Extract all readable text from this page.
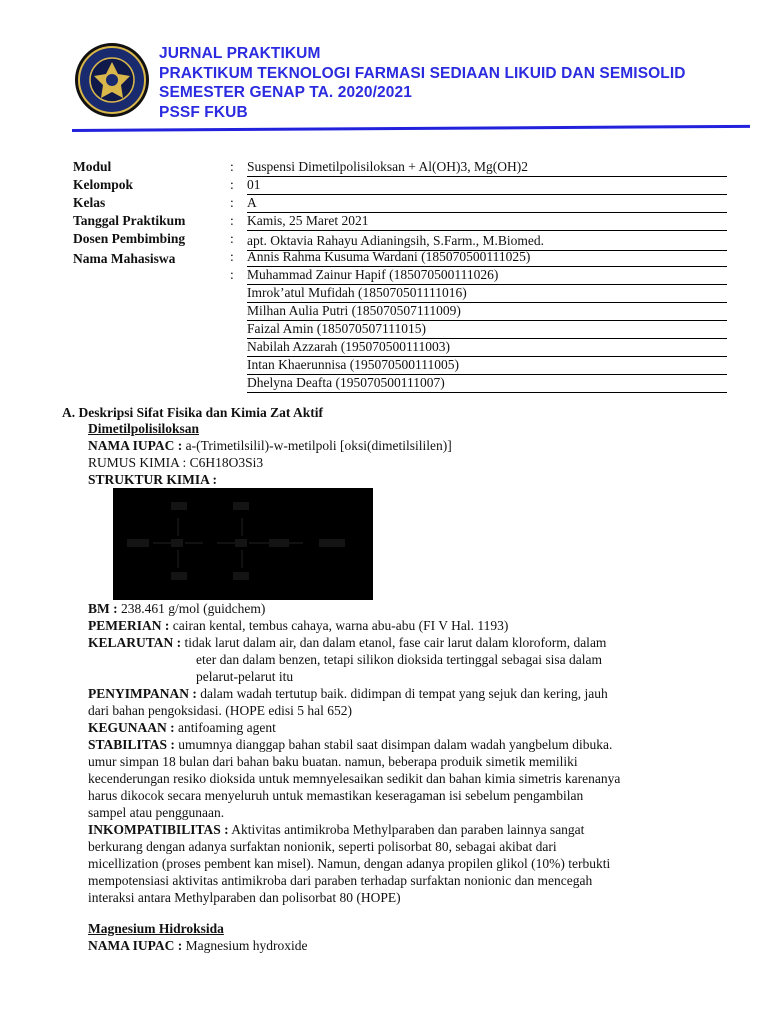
JURNAL PRAKTIKUM
PRAKTIKUM TEKNOLOGI FARMASI SEDIAAN LIKUID DAN SEMISOLID
SEMESTER GENAP TA. 2020/2021
PSSF FKUB
Modul	: Suspensi Dimetilpolisiloksan + Al(OH)3, Mg(OH)2
Kelompok	: 01
Kelas	: A
Tanggal Praktikum	: Kamis, 25 Maret 2021
Dosen Pembimbing	: apt. Oktavia Rahayu Adianingsih, S.Farm., M.Biomed.
Nama Mahasiswa	: Annis Rahma Kusuma Wardani (185070500111025)
: Muhammad Zainur Hapif (185070500111026)
Imrok’atul Mufidah (185070501111016)
Milhan Aulia Putri (185070507111009)
Faizal Amin (185070507111015)
Nabilah Azzarah (195070500111003)
Intan Khaerunnisa (195070500111005)
Dhelyna Deafta (195070500111007)
A. Deskripsi Sifat Fisika dan Kimia Zat Aktif
Dimetilpolisiloksan
NAMA IUPAC : a-(Trimetilsilil)-w-metilpoli [oksi(dimetilsililen)]
RUMUS KIMIA : C6H18O3Si3
STRUKTUR KIMIA :
BM : 238.461 g/mol (guidchem)
PEMERIAN : cairan kental, tembus cahaya, warna abu-abu (FI V Hal. 1193)
KELARUTAN : tidak larut dalam air, dan dalam etanol, fase cair larut dalam kloroform, dalam
eter dan dalam benzen, tetapi silikon dioksida tertinggal sebagai sisa dalam
pelarut-pelarut itu
PENYIMPANAN : dalam wadah tertutup baik. didimpan di tempat yang sejuk dan kering, jauh
dari bahan pengoksidasi. (HOPE edisi 5 hal 652)
KEGUNAAN : antifoaming agent
STABILITAS : umumnya dianggap bahan stabil saat disimpan dalam wadah yangbelum dibuka.
umur simpan 18 bulan dari bahan baku buatan. namun, beberapa produik simetik memiliki
kecenderungan resiko dioksida untuk memnyelesaikan sedikit dan bahan kimia simetris karenanya
harus dikocok secara menyeluruh untuk memastikan keseragaman isi sebelum pengambilan
sampel atau penggunaan.
INKOMPATIBILITAS : Aktivitas antimikroba Methylparaben dan paraben lainnya sangat
berkurang dengan adanya surfaktan nonionik, seperti polisorbat 80, sebagai akibat dari
micellization (proses pembent kan misel). Namun, dengan adanya propilen glikol (10%) terbukti
mempotensiasi aktivitas antimikroba dari paraben terhadap surfaktan nonionic dan mencegah
interaksi antara Methylparaben dan polisorbat 80 (HOPE)
Magnesium Hidroksida
NAMA IUPAC : Magnesium hydroxide
